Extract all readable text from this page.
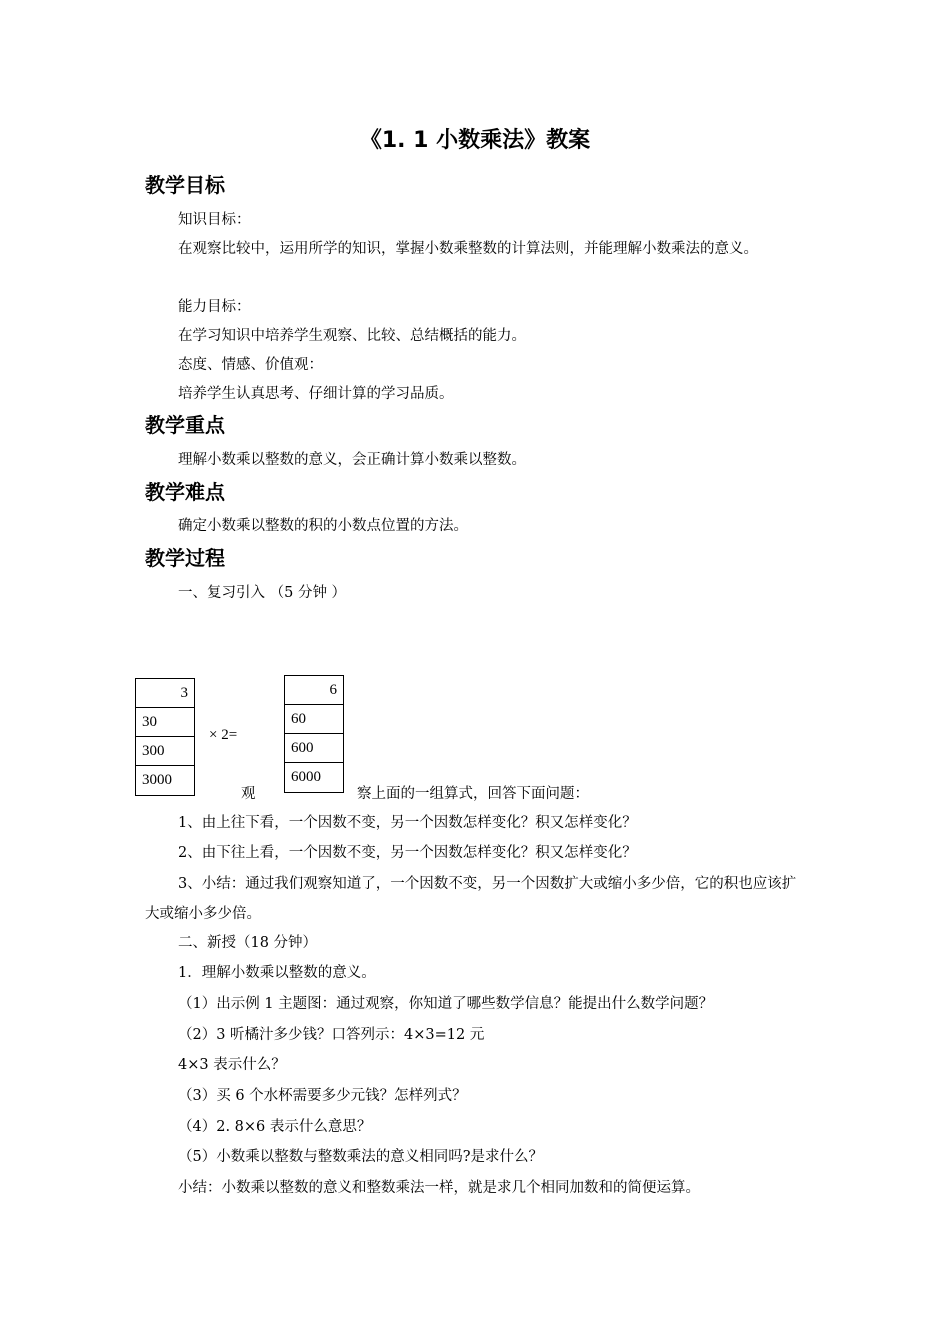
《1. 1 小数乘法》教案
教学目标
知识目标：
在观察比较中，运用所学的知识，掌握小数乘整数的计算法则，并能理解小数乘法的意义。
能力目标：
在学习知识中培养学生观察、比较、总结概括的能力。
态度、情感、价值观：
培养学生认真思考、仔细计算的学习品质。
教学重点
理解小数乘以整数的意义，会正确计算小数乘以整数。
教学难点
确定小数乘以整数的积的小数点位置的方法。
教学过程
一、复习引入 （5 分钟 ）
3
30
300
3000
× 2=
6
60
600
6000
观	察上面的一组算式，回答下面问题：
1、由上往下看，一个因数不变，另一个因数怎样变化？积又怎样变化？
2、由下往上看，一个因数不变，另一个因数怎样变化？积又怎样变化？
3、小结：通过我们观察知道了，一个因数不变，另一个因数扩大或缩小多少倍，它的积也应该扩大或缩小多少倍。
二、新授（18 分钟）
1．理解小数乘以整数的意义。
（1）出示例 1 主题图：通过观察，你知道了哪些数学信息？能提出什么数学问题？
（2）3 听橘汁多少钱？口答列示：4×3=12 元
4×3 表示什么？
（3）买 6 个水杯需要多少元钱？怎样列式？
（4）2. 8×6 表示什么意思？
（5）小数乘以整数与整数乘法的意义相同吗?是求什么？
小结：小数乘以整数的意义和整数乘法一样，就是求几个相同加数和的简便运算。
